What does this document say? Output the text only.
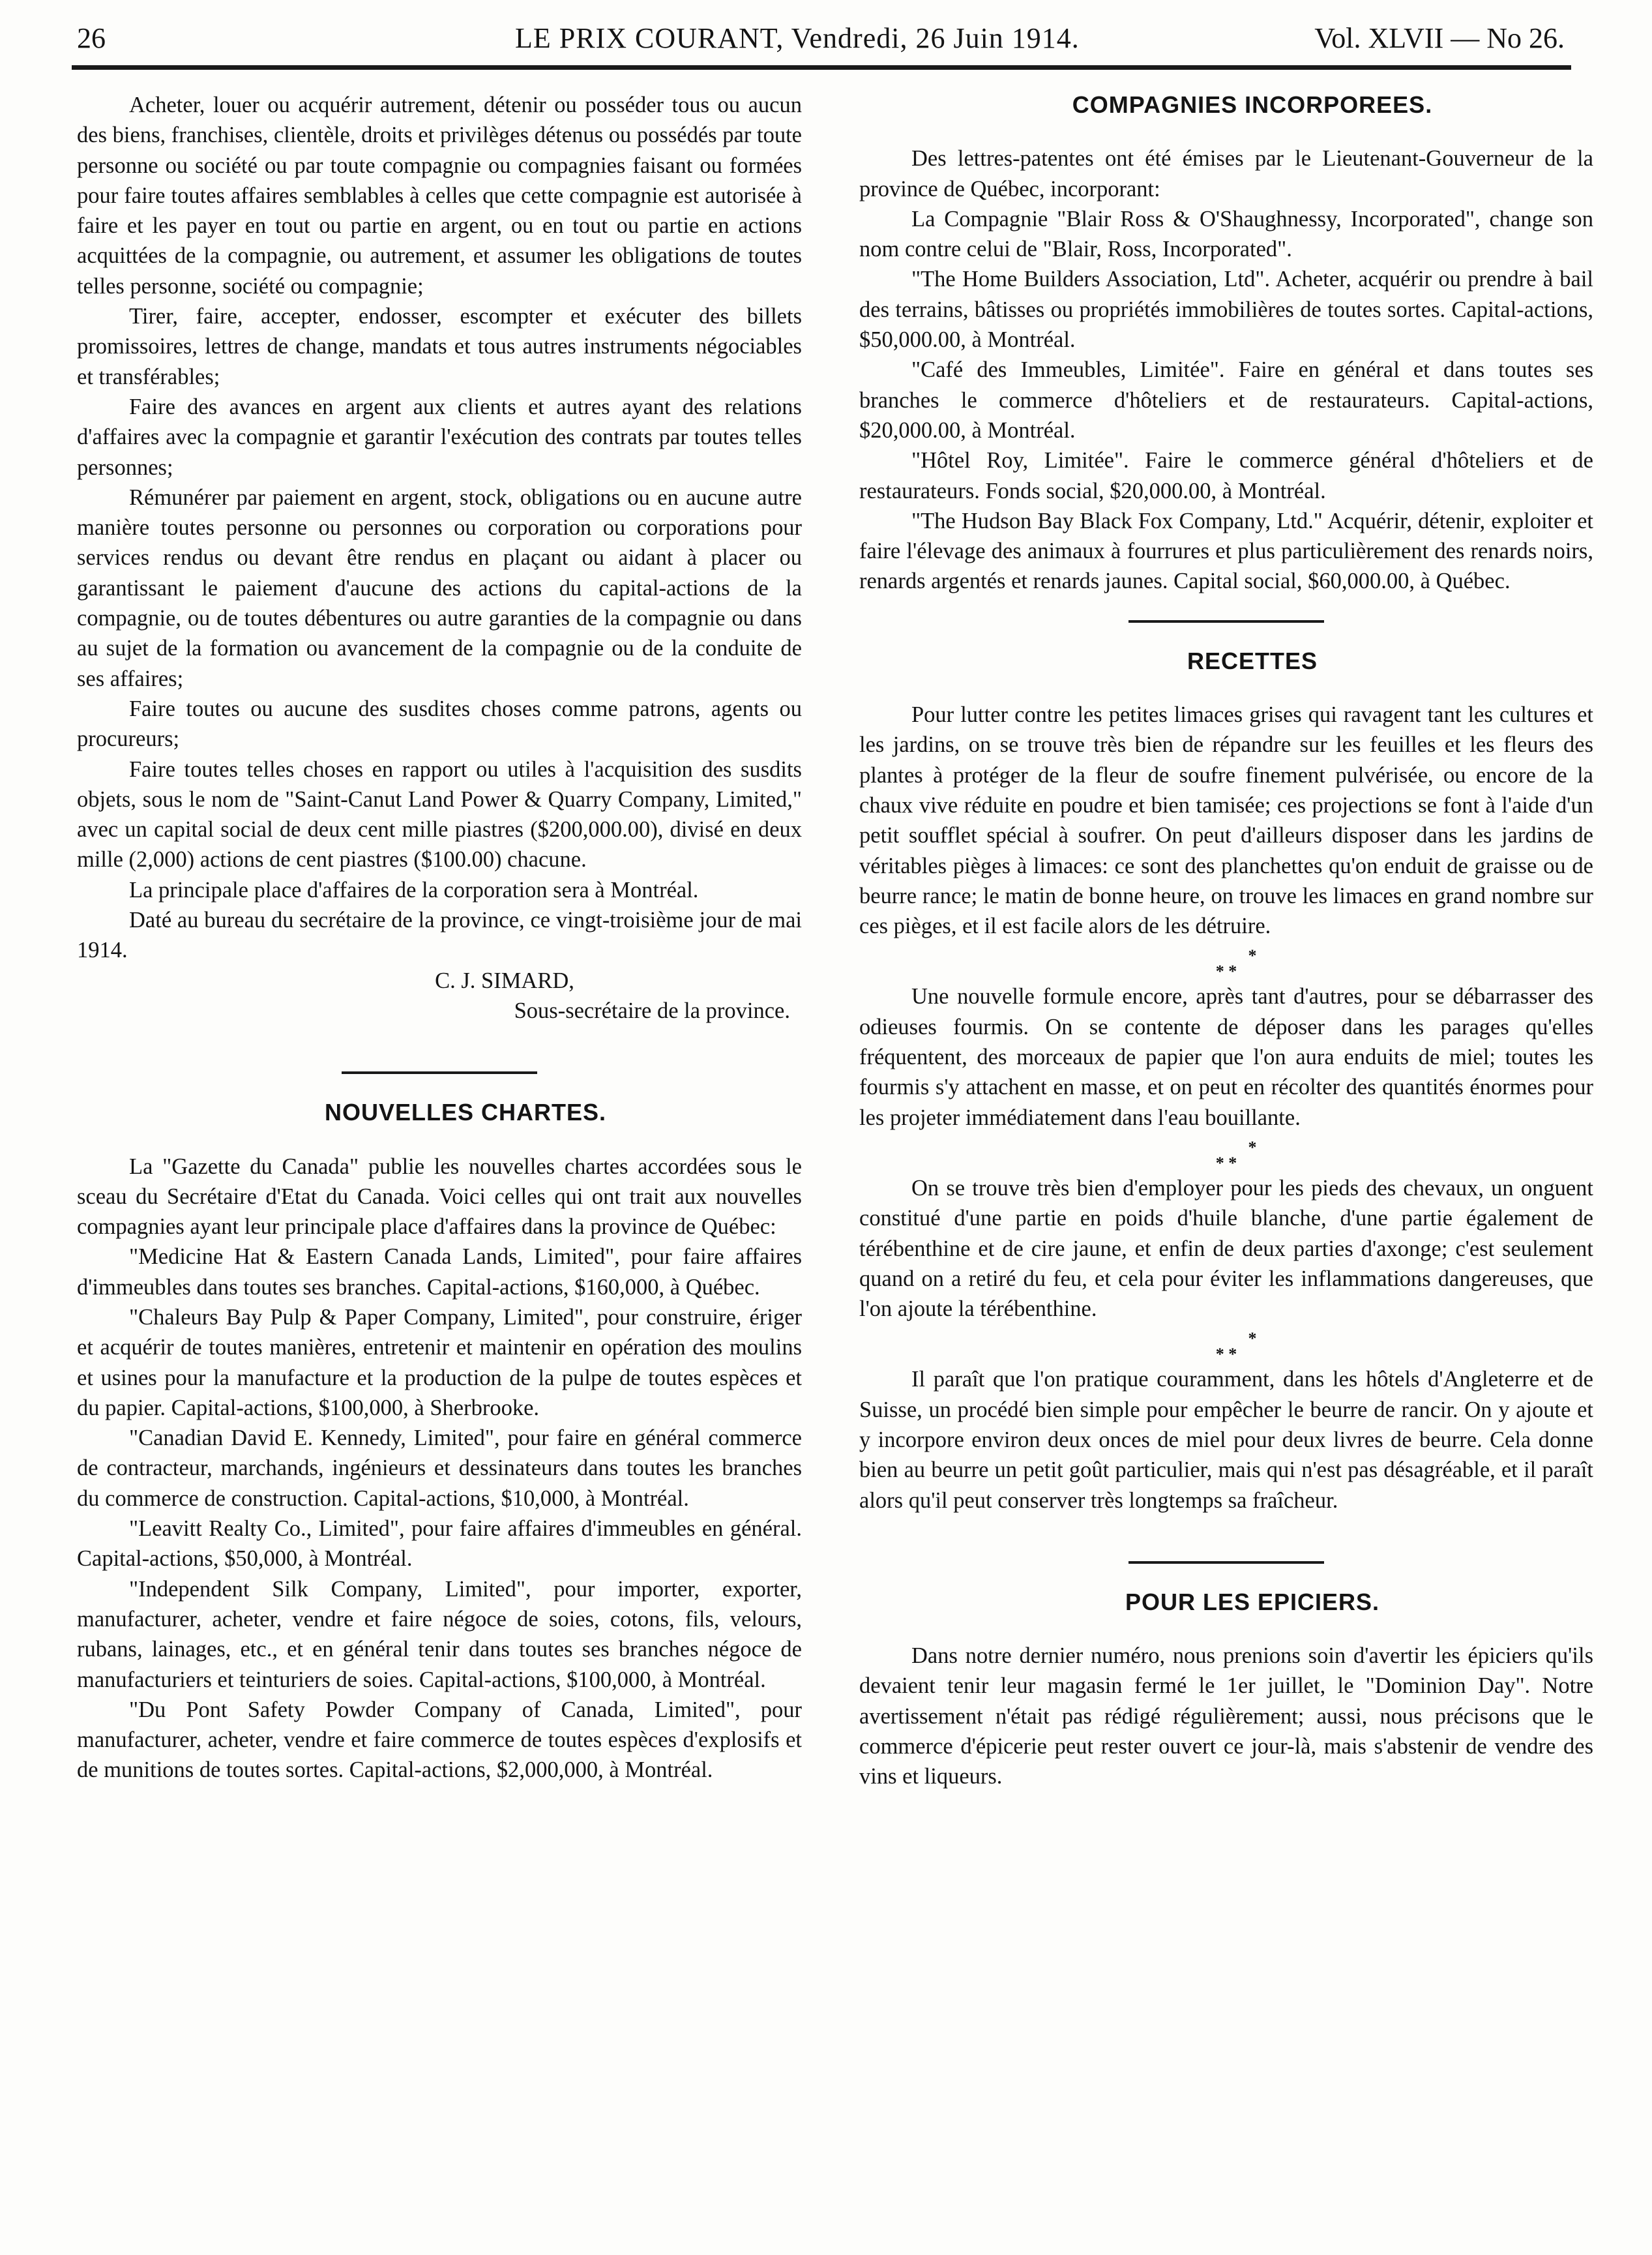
26	LE PRIX COURANT, Vendredi, 26 Juin 1914.	Vol. XLVII — No 26.

Acheter, louer ou acquérir autrement, détenir ou posséder tous ou aucun des biens, franchises, clientèle, droits et privilèges détenus ou possédés par toute personne ou société ou par toute compagnie ou compagnies faisant ou formées pour faire toutes affaires semblables à celles que cette compagnie est autorisée à faire et les payer en tout ou partie en argent, ou en tout ou partie en actions acquittées de la compagnie, ou autrement, et assumer les obligations de toutes telles personne, société ou compagnie;

Tirer, faire, accepter, endosser, escompter et exécuter des billets promissoires, lettres de change, mandats et tous autres instruments négociables et transférables;

Faire des avances en argent aux clients et autres ayant des relations d'affaires avec la compagnie et garantir l'exécution des contrats par toutes telles personnes;

Rémunérer par paiement en argent, stock, obligations ou en aucune autre manière toutes personne ou personnes ou corporation ou corporations pour services rendus ou devant être rendus en plaçant ou aidant à placer ou garantissant le paiement d'aucune des actions du capital-actions de la compagnie, ou de toutes débentures ou autre garanties de la compagnie ou dans au sujet de la formation ou avancement de la compagnie ou de la conduite de ses affaires;

Faire toutes ou aucune des susdites choses comme patrons, agents ou procureurs;

Faire toutes telles choses en rapport ou utiles à l'acquisition des susdits objets, sous le nom de "Saint-Canut Land Power & Quarry Company, Limited," avec un capital social de deux cent mille piastres ($200,000.00), divisé en deux mille (2,000) actions de cent piastres ($100.00) chacune.

La principale place d'affaires de la corporation sera à Montréal.

Daté au bureau du secrétaire de la province, ce vingt-troisième jour de mai 1914.

C. J. SIMARD,

Sous-secrétaire de la province.

NOUVELLES CHARTES.

La "Gazette du Canada" publie les nouvelles chartes accordées sous le sceau du Secrétaire d'Etat du Canada. Voici celles qui ont trait aux nouvelles compagnies ayant leur principale place d'affaires dans la province de Québec:

"Medicine Hat & Eastern Canada Lands, Limited", pour faire affaires d'immeubles dans toutes ses branches. Capital-actions, $160,000, à Québec.

"Chaleurs Bay Pulp & Paper Company, Limited", pour construire, ériger et acquérir de toutes manières, entretenir et maintenir en opération des moulins et usines pour la manufacture et la production de la pulpe de toutes espèces et du papier. Capital-actions, $100,000, à Sherbrooke.

"Canadian David E. Kennedy, Limited", pour faire en général commerce de contracteur, marchands, ingénieurs et dessinateurs dans toutes les branches du commerce de construction. Capital-actions, $10,000, à Montréal.

"Leavitt Realty Co., Limited", pour faire affaires d'immeubles en général. Capital-actions, $50,000, à Montréal.

"Independent Silk Company, Limited", pour importer, exporter, manufacturer, acheter, vendre et faire négoce de soies, cotons, fils, velours, rubans, lainages, etc., et en général tenir dans toutes ses branches négoce de manufacturiers et teinturiers de soies. Capital-actions, $100,000, à Montréal.

"Du Pont Safety Powder Company of Canada, Limited", pour manufacturer, acheter, vendre et faire commerce de toutes espèces d'explosifs et de munitions de toutes sortes. Capital-actions, $2,000,000, à Montréal.

COMPAGNIES INCORPOREES.

Des lettres-patentes ont été émises par le Lieutenant-Gouverneur de la province de Québec, incorporant:

La Compagnie "Blair Ross & O'Shaughnessy, Incorporated", change son nom contre celui de "Blair, Ross, Incorporated".

"The Home Builders Association, Ltd". Acheter, acquérir ou prendre à bail des terrains, bâtisses ou propriétés immobilières de toutes sortes. Capital-actions, $50,000.00, à Montréal.

"Café des Immeubles, Limitée". Faire en général et dans toutes ses branches le commerce d'hôteliers et de restaurateurs. Capital-actions, $20,000.00, à Montréal.

"Hôtel Roy, Limitée". Faire le commerce général d'hôteliers et de restaurateurs. Fonds social, $20,000.00, à Montréal.

"The Hudson Bay Black Fox Company, Ltd." Acquérir, détenir, exploiter et faire l'élevage des animaux à fourrures et plus particulièrement des renards noirs, renards argentés et renards jaunes. Capital social, $60,000.00, à Québec.

RECETTES

Pour lutter contre les petites limaces grises qui ravagent tant les cultures et les jardins, on se trouve très bien de répandre sur les feuilles et les fleurs des plantes à protéger de la fleur de soufre finement pulvérisée, ou encore de la chaux vive réduite en poudre et bien tamisée; ces projections se font à l'aide d'un petit soufflet spécial à soufrer. On peut d'ailleurs disposer dans les jardins de véritables pièges à limaces: ce sont des planchettes qu'on enduit de graisse ou de beurre rance; le matin de bonne heure, on trouve les limaces en grand nombre sur ces pièges, et il est facile alors de les détruire.

*
* *

Une nouvelle formule encore, après tant d'autres, pour se débarrasser des odieuses fourmis. On se contente de déposer dans les parages qu'elles fréquentent, des morceaux de papier que l'on aura enduits de miel; toutes les fourmis s'y attachent en masse, et on peut en récolter des quantités énormes pour les projeter immédiatement dans l'eau bouillante.

*
* *

On se trouve très bien d'employer pour les pieds des chevaux, un onguent constitué d'une partie en poids d'huile blanche, d'une partie également de térébenthine et de cire jaune, et enfin de deux parties d'axonge; c'est seulement quand on a retiré du feu, et cela pour éviter les inflammations dangereuses, que l'on ajoute la térébenthine.

*
* *

Il paraît que l'on pratique couramment, dans les hôtels d'Angleterre et de Suisse, un procédé bien simple pour empêcher le beurre de rancir. On y ajoute et y incorpore environ deux onces de miel pour deux livres de beurre. Cela donne bien au beurre un petit goût particulier, mais qui n'est pas désagréable, et il paraît alors qu'il peut conserver très longtemps sa fraîcheur.

POUR LES EPICIERS.

Dans notre dernier numéro, nous prenions soin d'avertir les épiciers qu'ils devaient tenir leur magasin fermé le 1er juillet, le "Dominion Day". Notre avertissement n'était pas rédigé régulièrement; aussi, nous précisons que le commerce d'épicerie peut rester ouvert ce jour-là, mais s'abstenir de vendre des vins et liqueurs.
